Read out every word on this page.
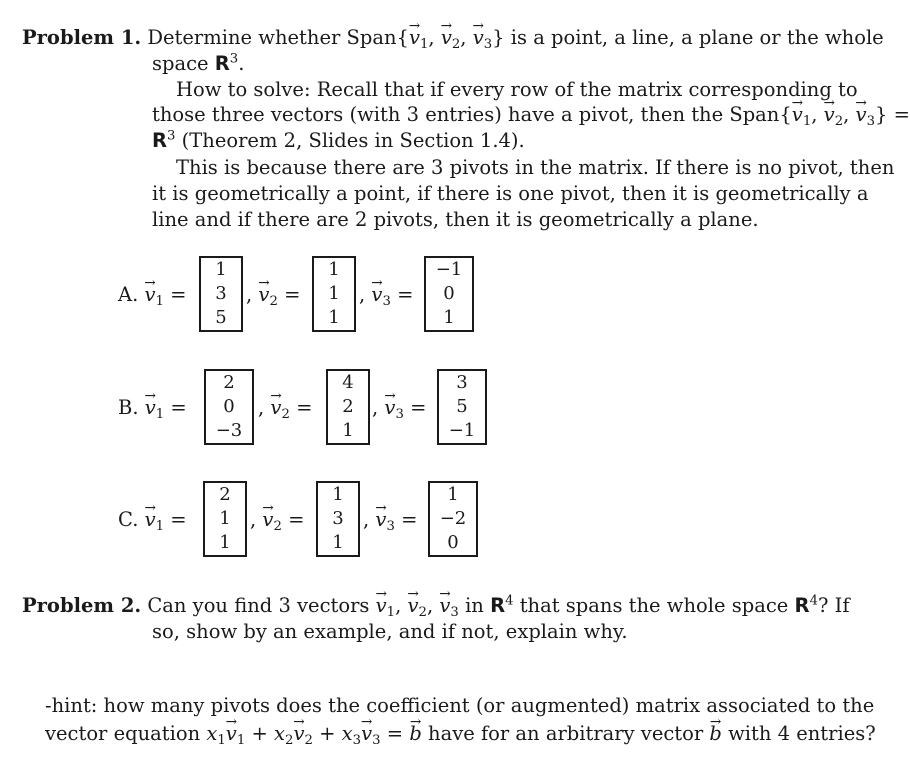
Problem 1. Determine whether Span{→ $v_1$, → $v_2$, → $v_3$} is a point, a line, a plane or the whole
space $R^3$.
How to solve: Recall that if every row of the matrix corresponding to
those three vectors (with 3 entries) have a pivot, then the Span{→ $v_1$, → $v_2$, → $v_3$} =
$R^3$ (Theorem 2, Slides in Section 1.4).
This is because there are 3 pivots in the matrix. If there is no pivot, then
it is geometrically a point, if there is one pivot, then it is geometrically a
line and if there are 2 pivots, then it is geometrically a plane.
A. → $v_1$ =
1
3
5
, → $v_2$ =
1
1
1
, → $v_3$ =
−1
0
1
B. → $v_1$ =
2
0
−3
, → $v_2$ =
4
2
1
, → $v_3$ =
3
5
−1
C. → $v_1$ =
2
1
1
, → $v_2$ =
1
3
1
, → $v_3$ =
1
−2
0
Problem 2. Can you find 3 vectors → $v_1$, → $v_2$, → $v_3$ in $R^4$ that spans the whole space $R^4$? If
so, show by an example, and if not, explain why.
-hint: how many pivots does the coefficient (or augmented) matrix associated to the
vector equation $x_1\to v_1 + x_2\to v_2 + x_3\to v_3$ = → b have for an arbitrary vector → b with 4 entries?
